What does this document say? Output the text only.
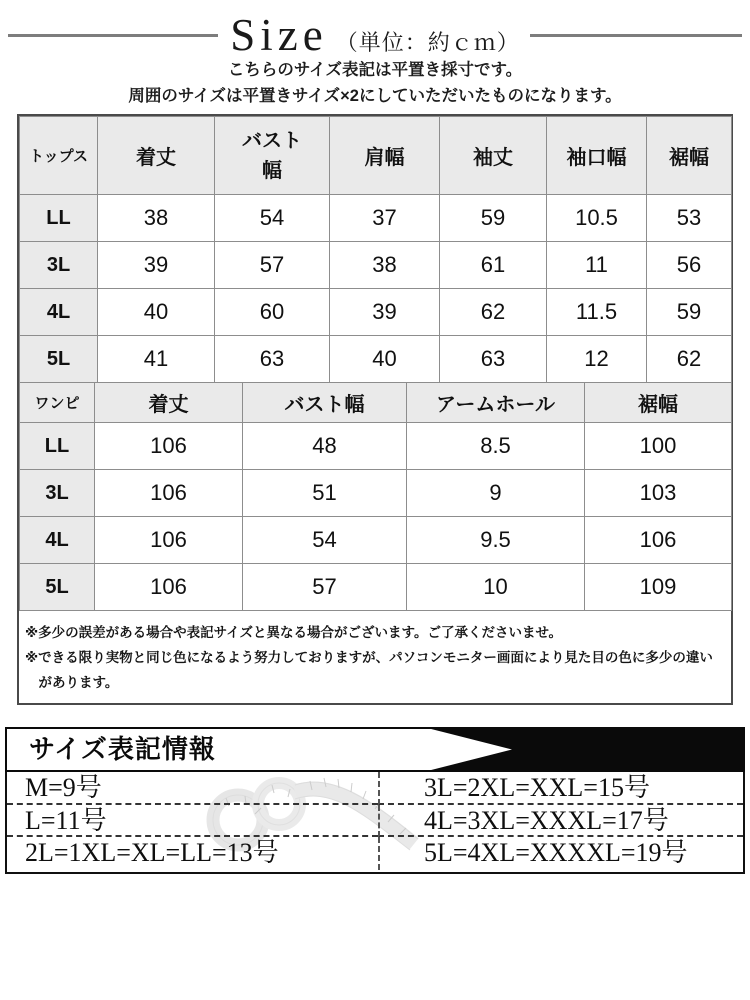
Size （単位：約ｃｍ）
こちらのサイズ表記は平置き採寸です。
周囲のサイズは平置きサイズ×2にしていただいたものになります。
トップス	着丈	バスト幅	肩幅	袖丈	袖口幅	裾幅
LL	38	54	37	59	10.5	53
3L	39	57	38	61	11	56
4L	40	60	39	62	11.5	59
5L	41	63	40	63	12	62
ワンピ	着丈	バスト幅	アームホール	裾幅
LL	106	48	8.5	100
3L	106	51	9	103
4L	106	54	9.5	106
5L	106	57	10	109

※多少の誤差がある場合や表記サイズと異なる場合がございます。ご了承くださいませ。

※できる限り実物と同じ色になるよう努力しておりますが、パソコンモニター画面により見た目の色に多少の違いがあります。

サイズ表記情報
M=9号	3L=2XL=XXL=15号
L=11号	4L=3XL=XXXL=17号
2L=1XL=XL=LL=13号	5L=4XL=XXXXL=19号
